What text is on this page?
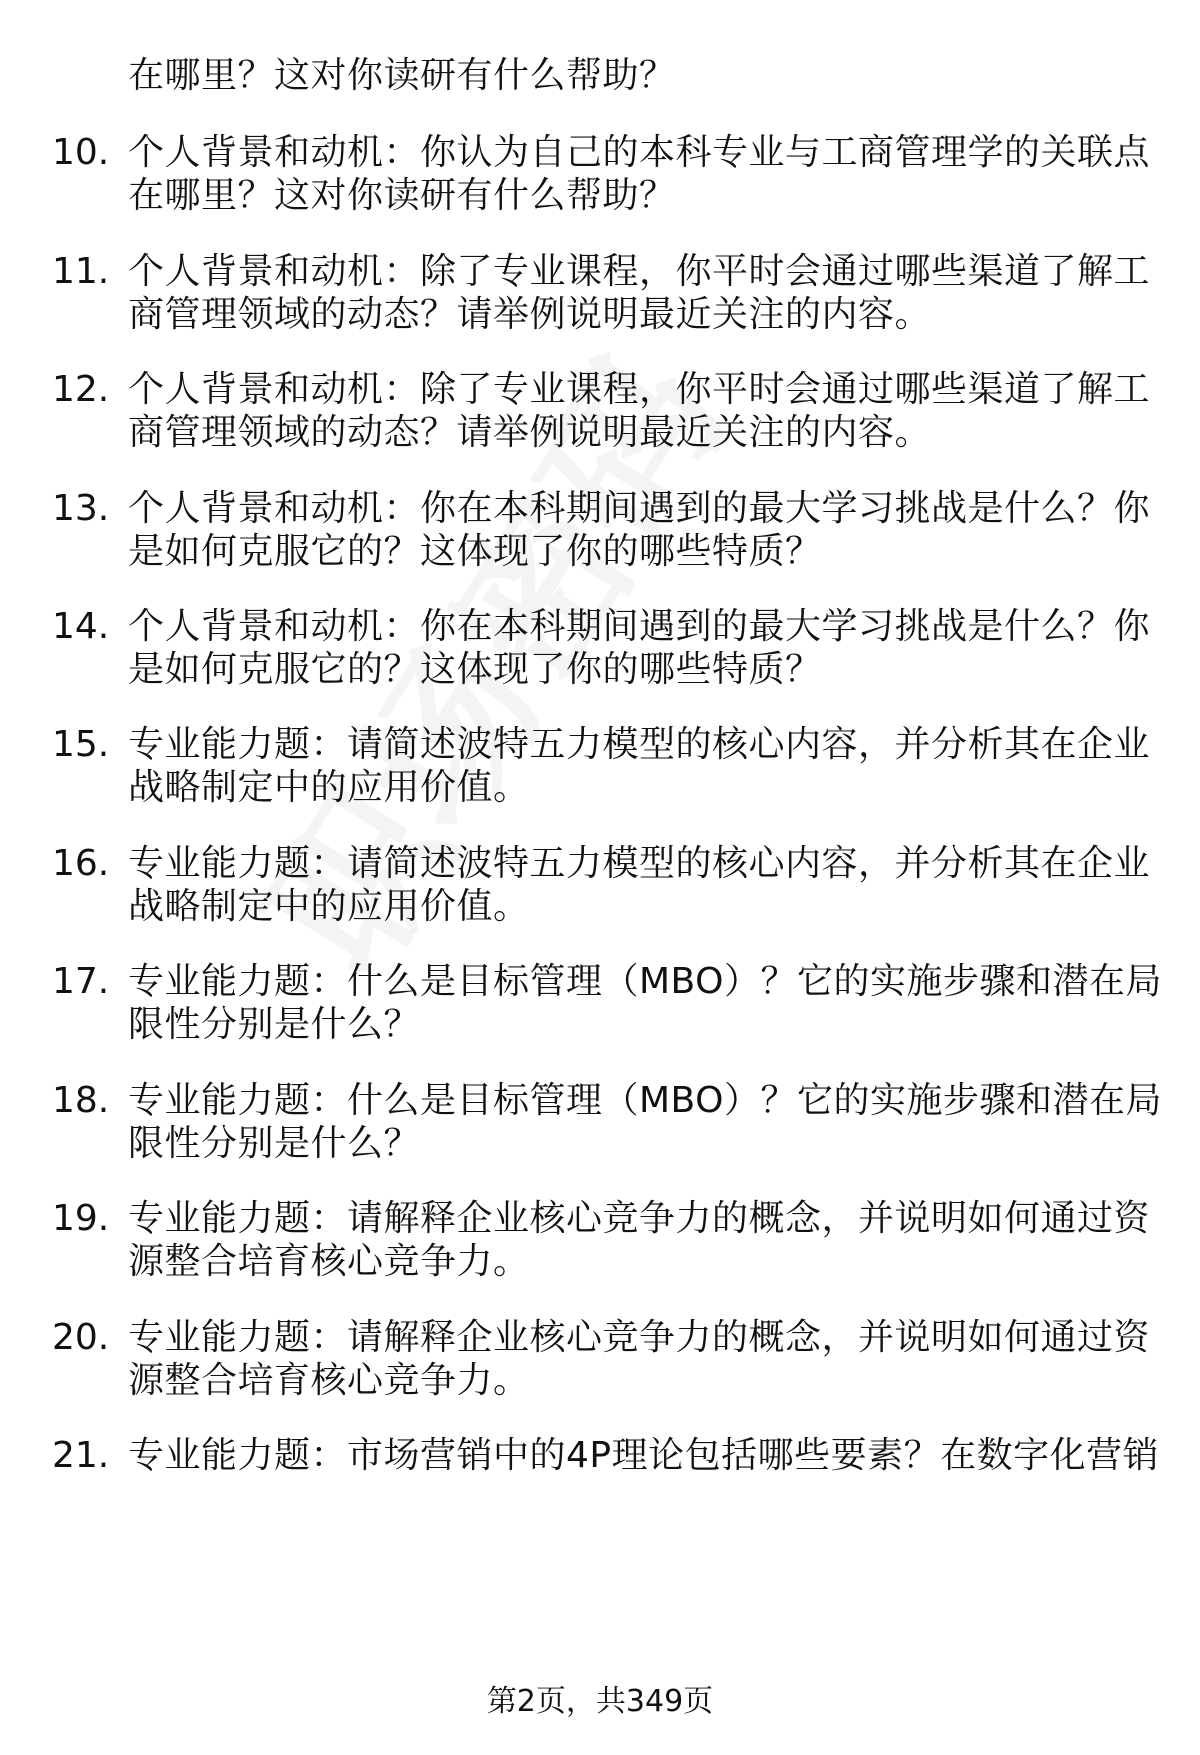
在哪里？这对你读研有什么帮助？
10. 个人背景和动机：你认为自己的本科专业与工商管理学的关联点
在哪里？这对你读研有什么帮助？
11. 个人背景和动机：除了专业课程，你平时会通过哪些渠道了解工
商管理领域的动态？请举例说明最近关注的内容。
12. 个人背景和动机：除了专业课程，你平时会通过哪些渠道了解工
商管理领域的动态？请举例说明最近关注的内容。
13. 个人背景和动机：你在本科期间遇到的最大学习挑战是什么？你
是如何克服它的？这体现了你的哪些特质？
14. 个人背景和动机：你在本科期间遇到的最大学习挑战是什么？你
是如何克服它的？这体现了你的哪些特质？
15. 专业能力题：请简述波特五力模型的核心内容，并分析其在企业
战略制定中的应用价值。
16. 专业能力题：请简述波特五力模型的核心内容，并分析其在企业
战略制定中的应用价值。
17. 专业能力题：什么是目标管理（MBO）？它的实施步骤和潜在局
限性分别是什么？
18. 专业能力题：什么是目标管理（MBO）？它的实施步骤和潜在局
限性分别是什么？
19. 专业能力题：请解释企业核心竞争力的概念，并说明如何通过资
源整合培育核心竞争力。
20. 专业能力题：请解释企业核心竞争力的概念，并说明如何通过资
源整合培育核心竞争力。
21. 专业能力题：市场营销中的4P理论包括哪些要素？在数字化营销
第2页，共349页
